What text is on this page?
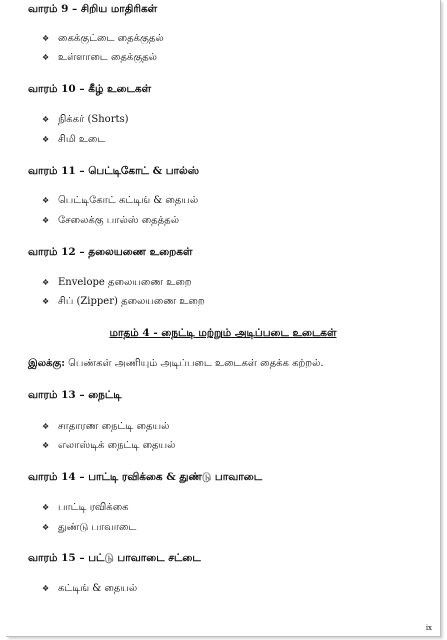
வாரம் 9 – சிறிய மாதிரிகள்
❖ கைக்குட்டை தைக்குதல்
❖ உள்ளாடை தைக்குதல்
வாரம் 10 – கீழ் உடைகள்
❖ நிக்கர் (Shorts)
❖ சிமி உடை
வாரம் 11 – பெட்டிகோட் & பால்ஸ்
❖ பெட்டிகோட் கட்டிங் & தையல்
❖ சேலைக்கு பால்ஸ் தைத்தல்
வாரம் 12 – தலையணை உறைகள்
❖ Envelope தலையணை உறை
❖ சிப் (Zipper) தலையணை உறை
மாதம் 4 - நைட்டி மற்றும் அடிப்படை உடைகள்
இலக்கு: பெண்கள் அணியும் அடிப்படை உடைகள் தைக்க கற்றல்.
வாரம் 13 – நைட்டி
❖ சாதாரண நைட்டி தையல்
❖ எலாஸ்டிக் நைட்டி தையல்
வாரம் 14 – பாட்டி ரவிக்கை & துண்டு பாவாடை
❖ பாட்டி ரவிக்கை
❖ துண்டு பாவாடை
வாரம் 15 – பட்டு பாவாடை சட்டை
❖ கட்டிங் & தையல்
ix
